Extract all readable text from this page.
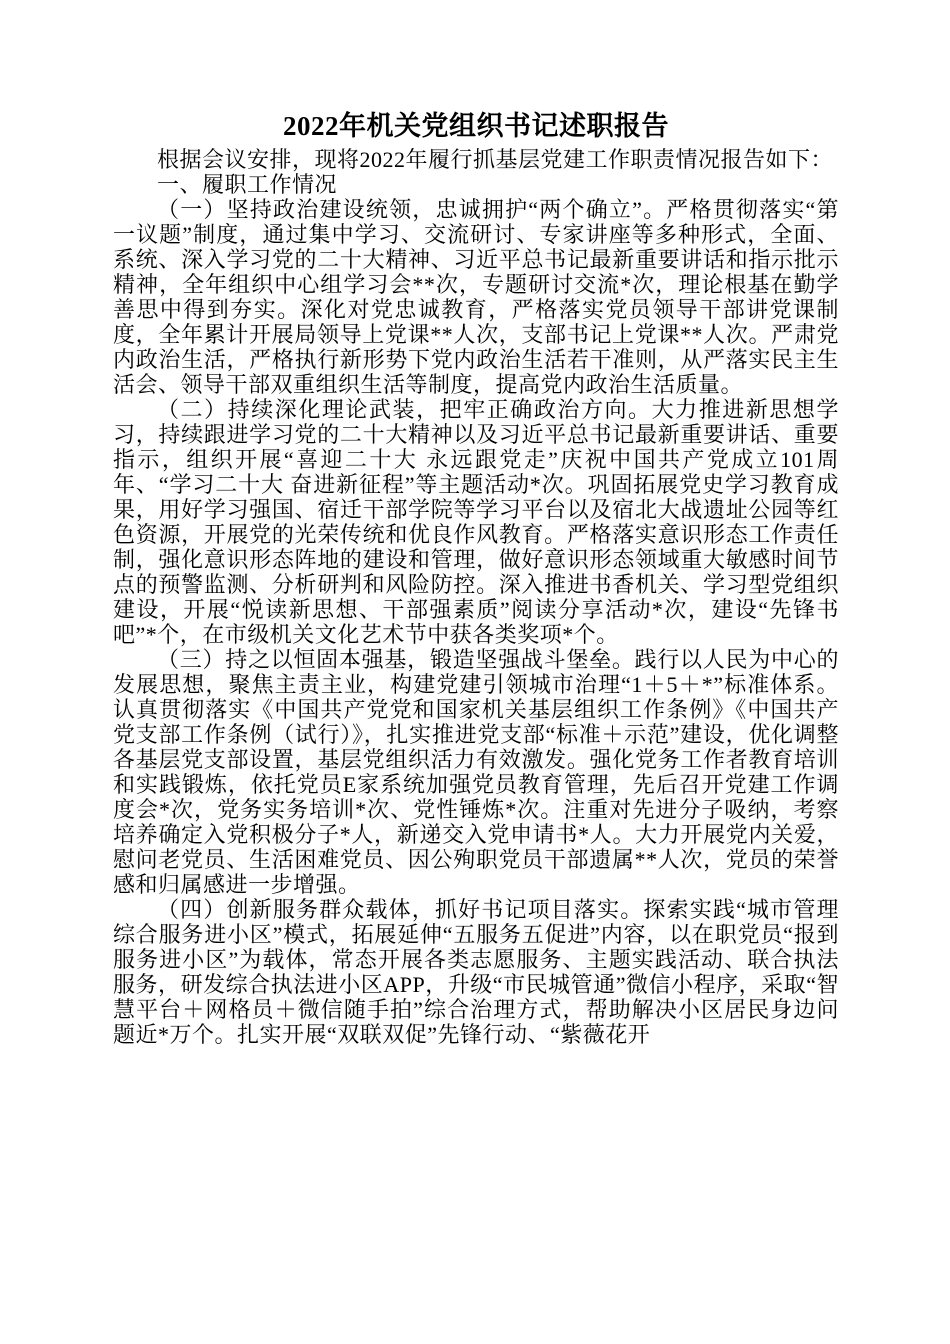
2022年机关党组织书记述职报告

根据会议安排，现将2022年履行抓基层党建工作职责情况报告如下：

一、履职工作情况

（一）坚持政治建设统领，忠诚拥护“两个确立”。严格贯彻落实“第一议题”制度，通过集中学习、交流研讨、专家讲座等多种形式，全面、系统、深入学习党的二十大精神、习近平总书记最新重要讲话和指示批示精神，全年组织中心组学习会**次，专题研讨交流*次，理论根基在勤学善思中得到夯实。深化对党忠诚教育，严格落实党员领导干部讲党课制度，全年累计开展局领导上党课**人次，支部书记上党课**人次。严肃党内政治生活，严格执行新形势下党内政治生活若干准则，从严落实民主生活会、领导干部双重组织生活等制度，提高党内政治生活质量。

（二）持续深化理论武装，把牢正确政治方向。大力推进新思想学习，持续跟进学习党的二十大精神以及习近平总书记最新重要讲话、重要指示，组织开展“喜迎二十大 永远跟党走”庆祝中国共产党成立101周年、“学习二十大 奋进新征程”等主题活动*次。巩固拓展党史学习教育成果，用好学习强国、宿迁干部学院等学习平台以及宿北大战遗址公园等红色资源，开展党的光荣传统和优良作风教育。严格落实意识形态工作责任制，强化意识形态阵地的建设和管理，做好意识形态领域重大敏感时间节点的预警监测、分析研判和风险防控。深入推进书香机关、学习型党组织建设，开展“悦读新思想、干部强素质”阅读分享活动*次，建设“先锋书吧”*个，在市级机关文化艺术节中获各类奖项*个。

（三）持之以恒固本强基，锻造坚强战斗堡垒。践行以人民为中心的发展思想，聚焦主责主业，构建党建引领城市治理“1＋5＋*”标准体系。认真贯彻落实《中国共产党党和国家机关基层组织工作条例》《中国共产党支部工作条例（试行）》，扎实推进党支部“标准＋示范”建设，优化调整各基层党支部设置，基层党组织活力有效激发。强化党务工作者教育培训和实践锻炼，依托党员E家系统加强党员教育管理，先后召开党建工作调度会*次，党务实务培训*次、党性锤炼*次。注重对先进分子吸纳，考察培养确定入党积极分子*人，新递交入党申请书*人。大力开展党内关爱，慰问老党员、生活困难党员、因公殉职党员干部遗属**人次，党员的荣誉感和归属感进一步增强。

（四）创新服务群众载体，抓好书记项目落实。探索实践“城市管理综合服务进小区”模式，拓展延伸“五服务五促进”内容，以在职党员“报到服务进小区”为载体，常态开展各类志愿服务、主题实践活动、联合执法服务，研发综合执法进小区APP，升级“市民城管通”微信小程序，采取“智慧平台＋网格员＋微信随手拍”综合治理方式，帮助解决小区居民身边问题近*万个。扎实开展“双联双促”先锋行动、“紫薇花开
